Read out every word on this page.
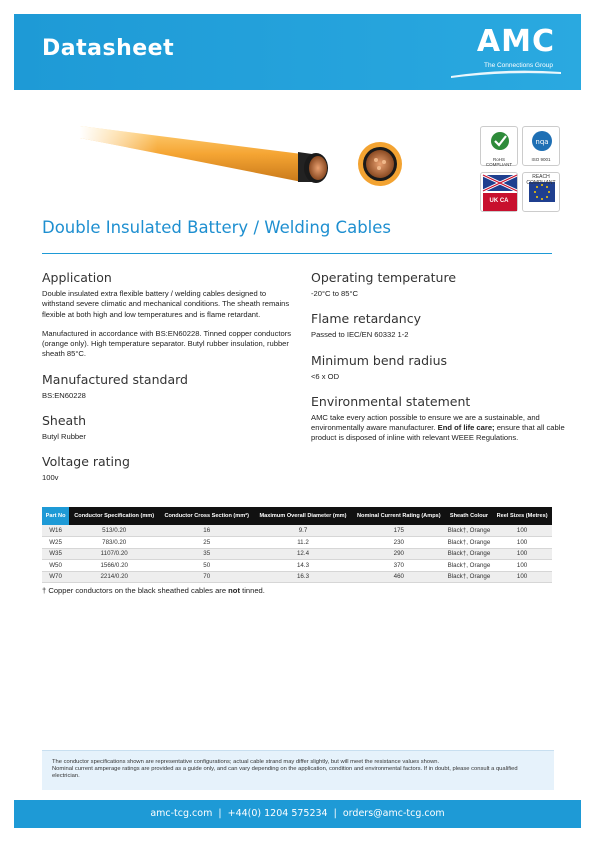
Datasheet	AMC
The Connections Group
RoHS COMPLIANT
nqa
ISO 9001
UK CA
REACH COMPLIANT
Double Insulated Battery / Welding Cables
Application

Double insulated extra flexible battery / welding cables designed to withstand severe climatic and mechanical conditions. The sheath remains flexible at both high and low temperatures and is flame retardant.

Manufactured in accordance with BS:EN60228. Tinned copper conductors (orange only). High temperature separator. Butyl rubber insulation, rubber sheath 85°C.

Manufactured standard

BS:EN60228

Sheath

Butyl Rubber

Voltage rating

100v

Operating temperature

-20°C to 85°C

Flame retardancy

Passed to IEC/EN 60332 1-2

Minimum bend radius

<6 x OD

Environmental statement

AMC take every action possible to ensure we are a sustainable, and environmentally aware manufacturer. End of life care; ensure that all cable product is disposed of inline with relevant WEEE Regulations.

Part No	Conductor Specification (mm)	Conductor Cross Section (mm²)	Maximum Overall Diameter (mm)	Nominal Current Rating (Amps)	Sheath Colour	Reel Sizes (Metres)
W16	513/0.20	16	9.7	175	Black†, Orange	100
W25	783/0.20	25	11.2	230	Black†, Orange	100
W35	1107/0.20	35	12.4	290	Black†, Orange	100
W50	1566/0.20	50	14.3	370	Black†, Orange	100
W70	2214/0.20	70	16.3	460	Black†, Orange	100
† Copper conductors on the black sheathed cables are not tinned.
The conductor specifications shown are representative configurations; actual cable strand may differ slightly, but will meet the resistance values shown.
Nominal current amperage ratings are provided as a guide only, and can vary depending on the application, condition and environmental factors. If in doubt, please consult a qualified electrician.
amc-tcg.com  |  +44(0) 1204 575234  |  orders@amc-tcg.com
